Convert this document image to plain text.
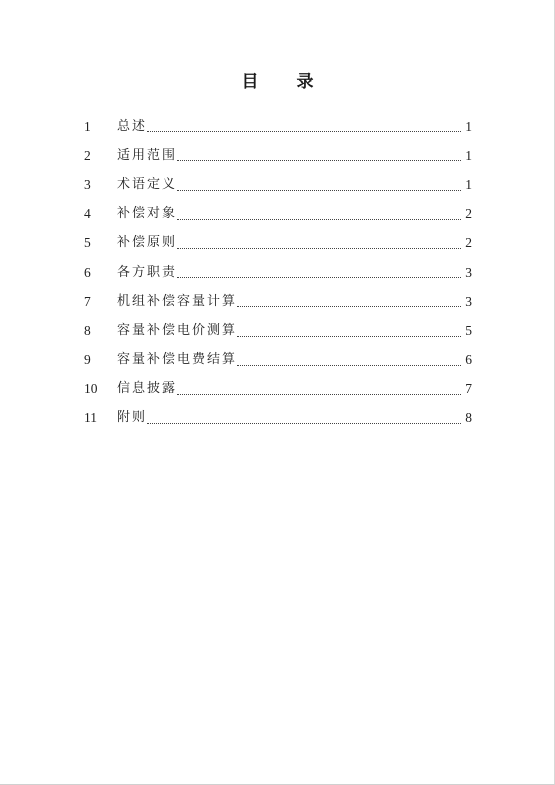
目 录
1	总述	1
2	适用范围	1
3	术语定义	1
4	补偿对象	2
5	补偿原则	2
6	各方职责	3
7	机组补偿容量计算	3
8	容量补偿电价测算	5
9	容量补偿电费结算	6
10	信息披露	7
11	附则	8
